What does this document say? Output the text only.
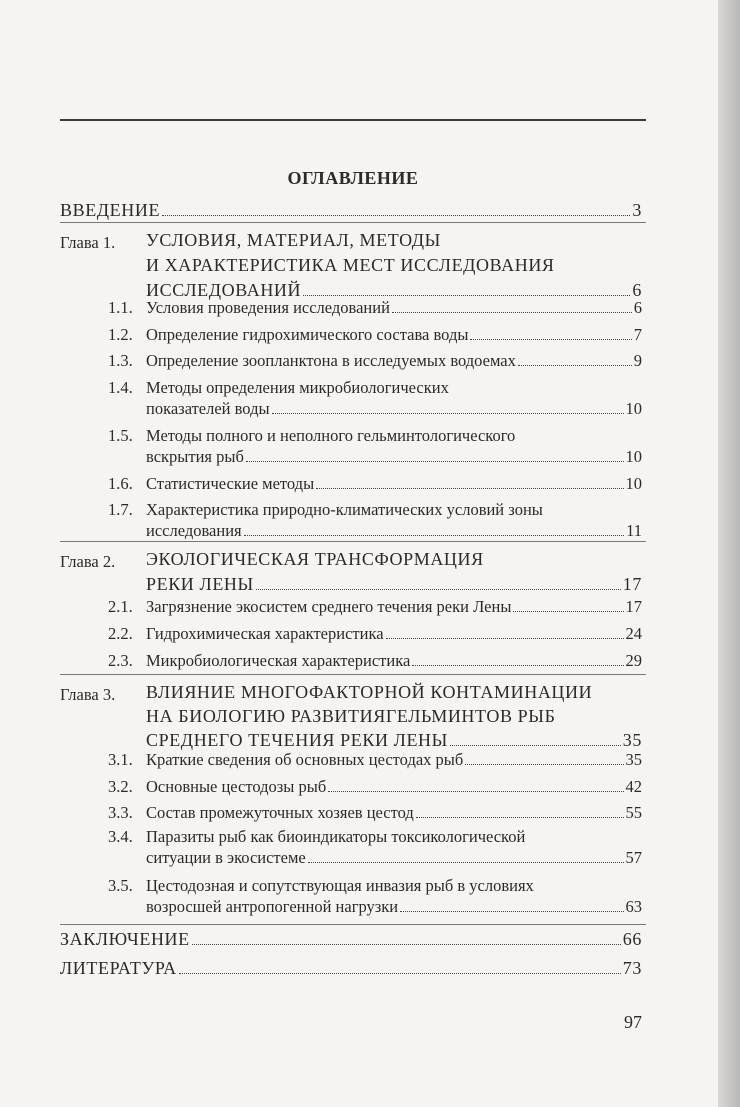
ОГЛАВЛЕНИЕ
ВВЕДЕНИЕ	3
Глава 1. УСЛОВИЯ, МАТЕРИАЛ, МЕТОДЫ
И ХАРАКТЕРИСТИКА МЕСТ ИССЛЕДОВАНИЯ
ИССЛЕДОВАНИЙ	6
1.1. Условия проведения исследований	6
1.2. Определение гидрохимического состава воды	7
1.3. Определение зоопланктона в исследуемых водоемах	9
1.4. Методы определения микробиологических
показателей воды	10
1.5. Методы полного и неполного гельминтологического
вскрытия рыб	10
1.6. Статистические методы	10
1.7. Характеристика природно-климатических условий зоны
исследования	11
Глава 2. ЭКОЛОГИЧЕСКАЯ ТРАНСФОРМАЦИЯ
РЕКИ ЛЕНЫ	17
2.1. Загрязнение экосистем среднего течения реки Лены	17
2.2. Гидрохимическая характеристика	24
2.3. Микробиологическая характеристика	29
Глава 3. ВЛИЯНИЕ МНОГОФАКТОРНОЙ КОНТАМИНАЦИИ
НА БИОЛОГИЮ РАЗВИТИЯГЕЛЬМИНТОВ РЫБ
СРЕДНЕГО ТЕЧЕНИЯ РЕКИ ЛЕНЫ	35
3.1. Краткие сведения об основных цестодах рыб	35
3.2. Основные цестодозы рыб	42
3.3. Состав промежуточных хозяев цестод	55
3.4. Паразиты рыб как биоиндикаторы токсикологической
ситуации в экосистеме	57
3.5. Цестодозная и сопутствующая инвазия рыб в условиях
возросшей антропогенной нагрузки	63
ЗАКЛЮЧЕНИЕ	66
ЛИТЕРАТУРА	73
97
